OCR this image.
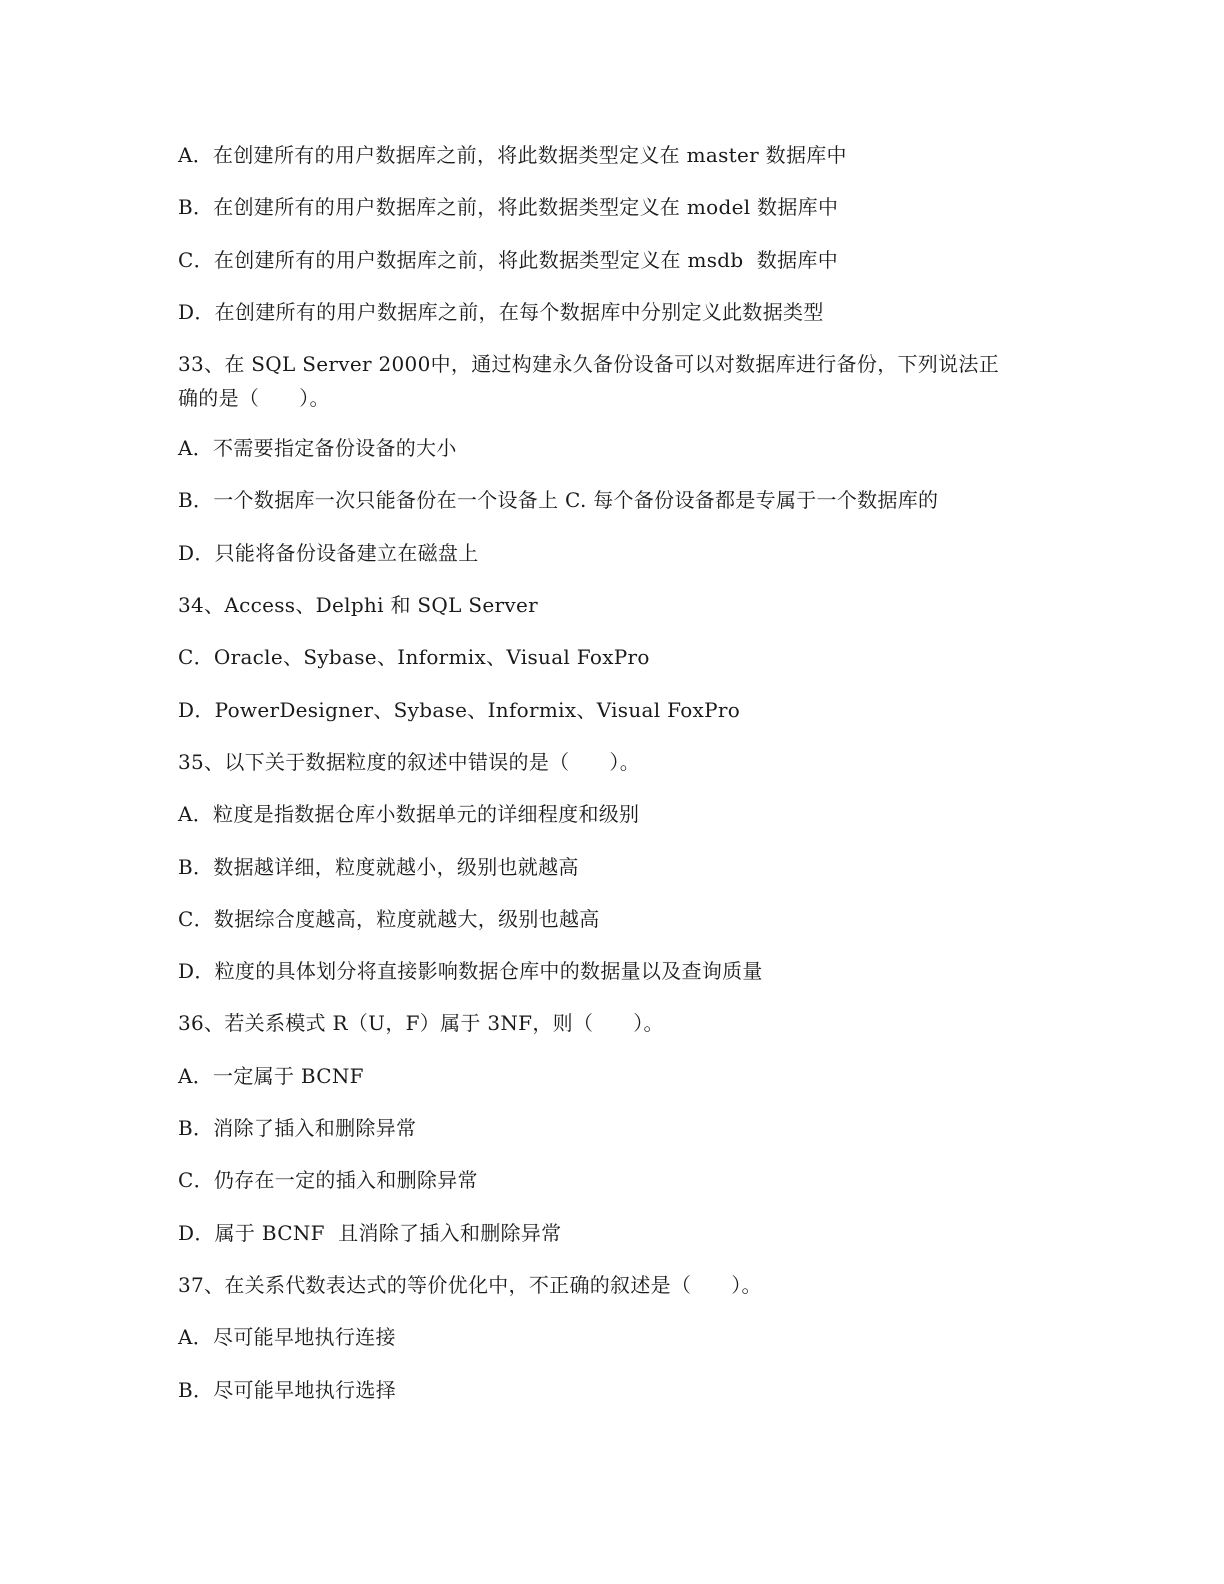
A．在创建所有的用户数据库之前，将此数据类型定义在 master 数据库中
B．在创建所有的用户数据库之前，将此数据类型定义在 model 数据库中
C．在创建所有的用户数据库之前，将此数据类型定义在 msdb  数据库中
D．在创建所有的用户数据库之前，在每个数据库中分别定义此数据类型
33、在 SQL Server 2000中，通过构建永久备份设备可以对数据库进行备份，下列说法正
确的是（      ）。
A．不需要指定备份设备的大小
B．一个数据库一次只能备份在一个设备上 C. 每个备份设备都是专属于一个数据库的
D．只能将备份设备建立在磁盘上
34、Access、Delphi 和 SQL Server
C．Oracle、Sybase、Informix、Visual FoxPro
D．PowerDesigner、Sybase、Informix、Visual FoxPro
35、以下关于数据粒度的叙述中错误的是（      ）。
A．粒度是指数据仓库小数据单元的详细程度和级别
B．数据越详细，粒度就越小，级别也就越高
C．数据综合度越高，粒度就越大，级别也越高
D．粒度的具体划分将直接影响数据仓库中的数据量以及查询质量
36、若关系模式 R（U，F）属于 3NF，则（      ）。
A．一定属于 BCNF
B．消除了插入和删除异常
C．仍存在一定的插入和删除异常
D．属于 BCNF  且消除了插入和删除异常
37、在关系代数表达式的等价优化中，不正确的叙述是（      ）。
A．尽可能早地执行连接
B．尽可能早地执行选择
